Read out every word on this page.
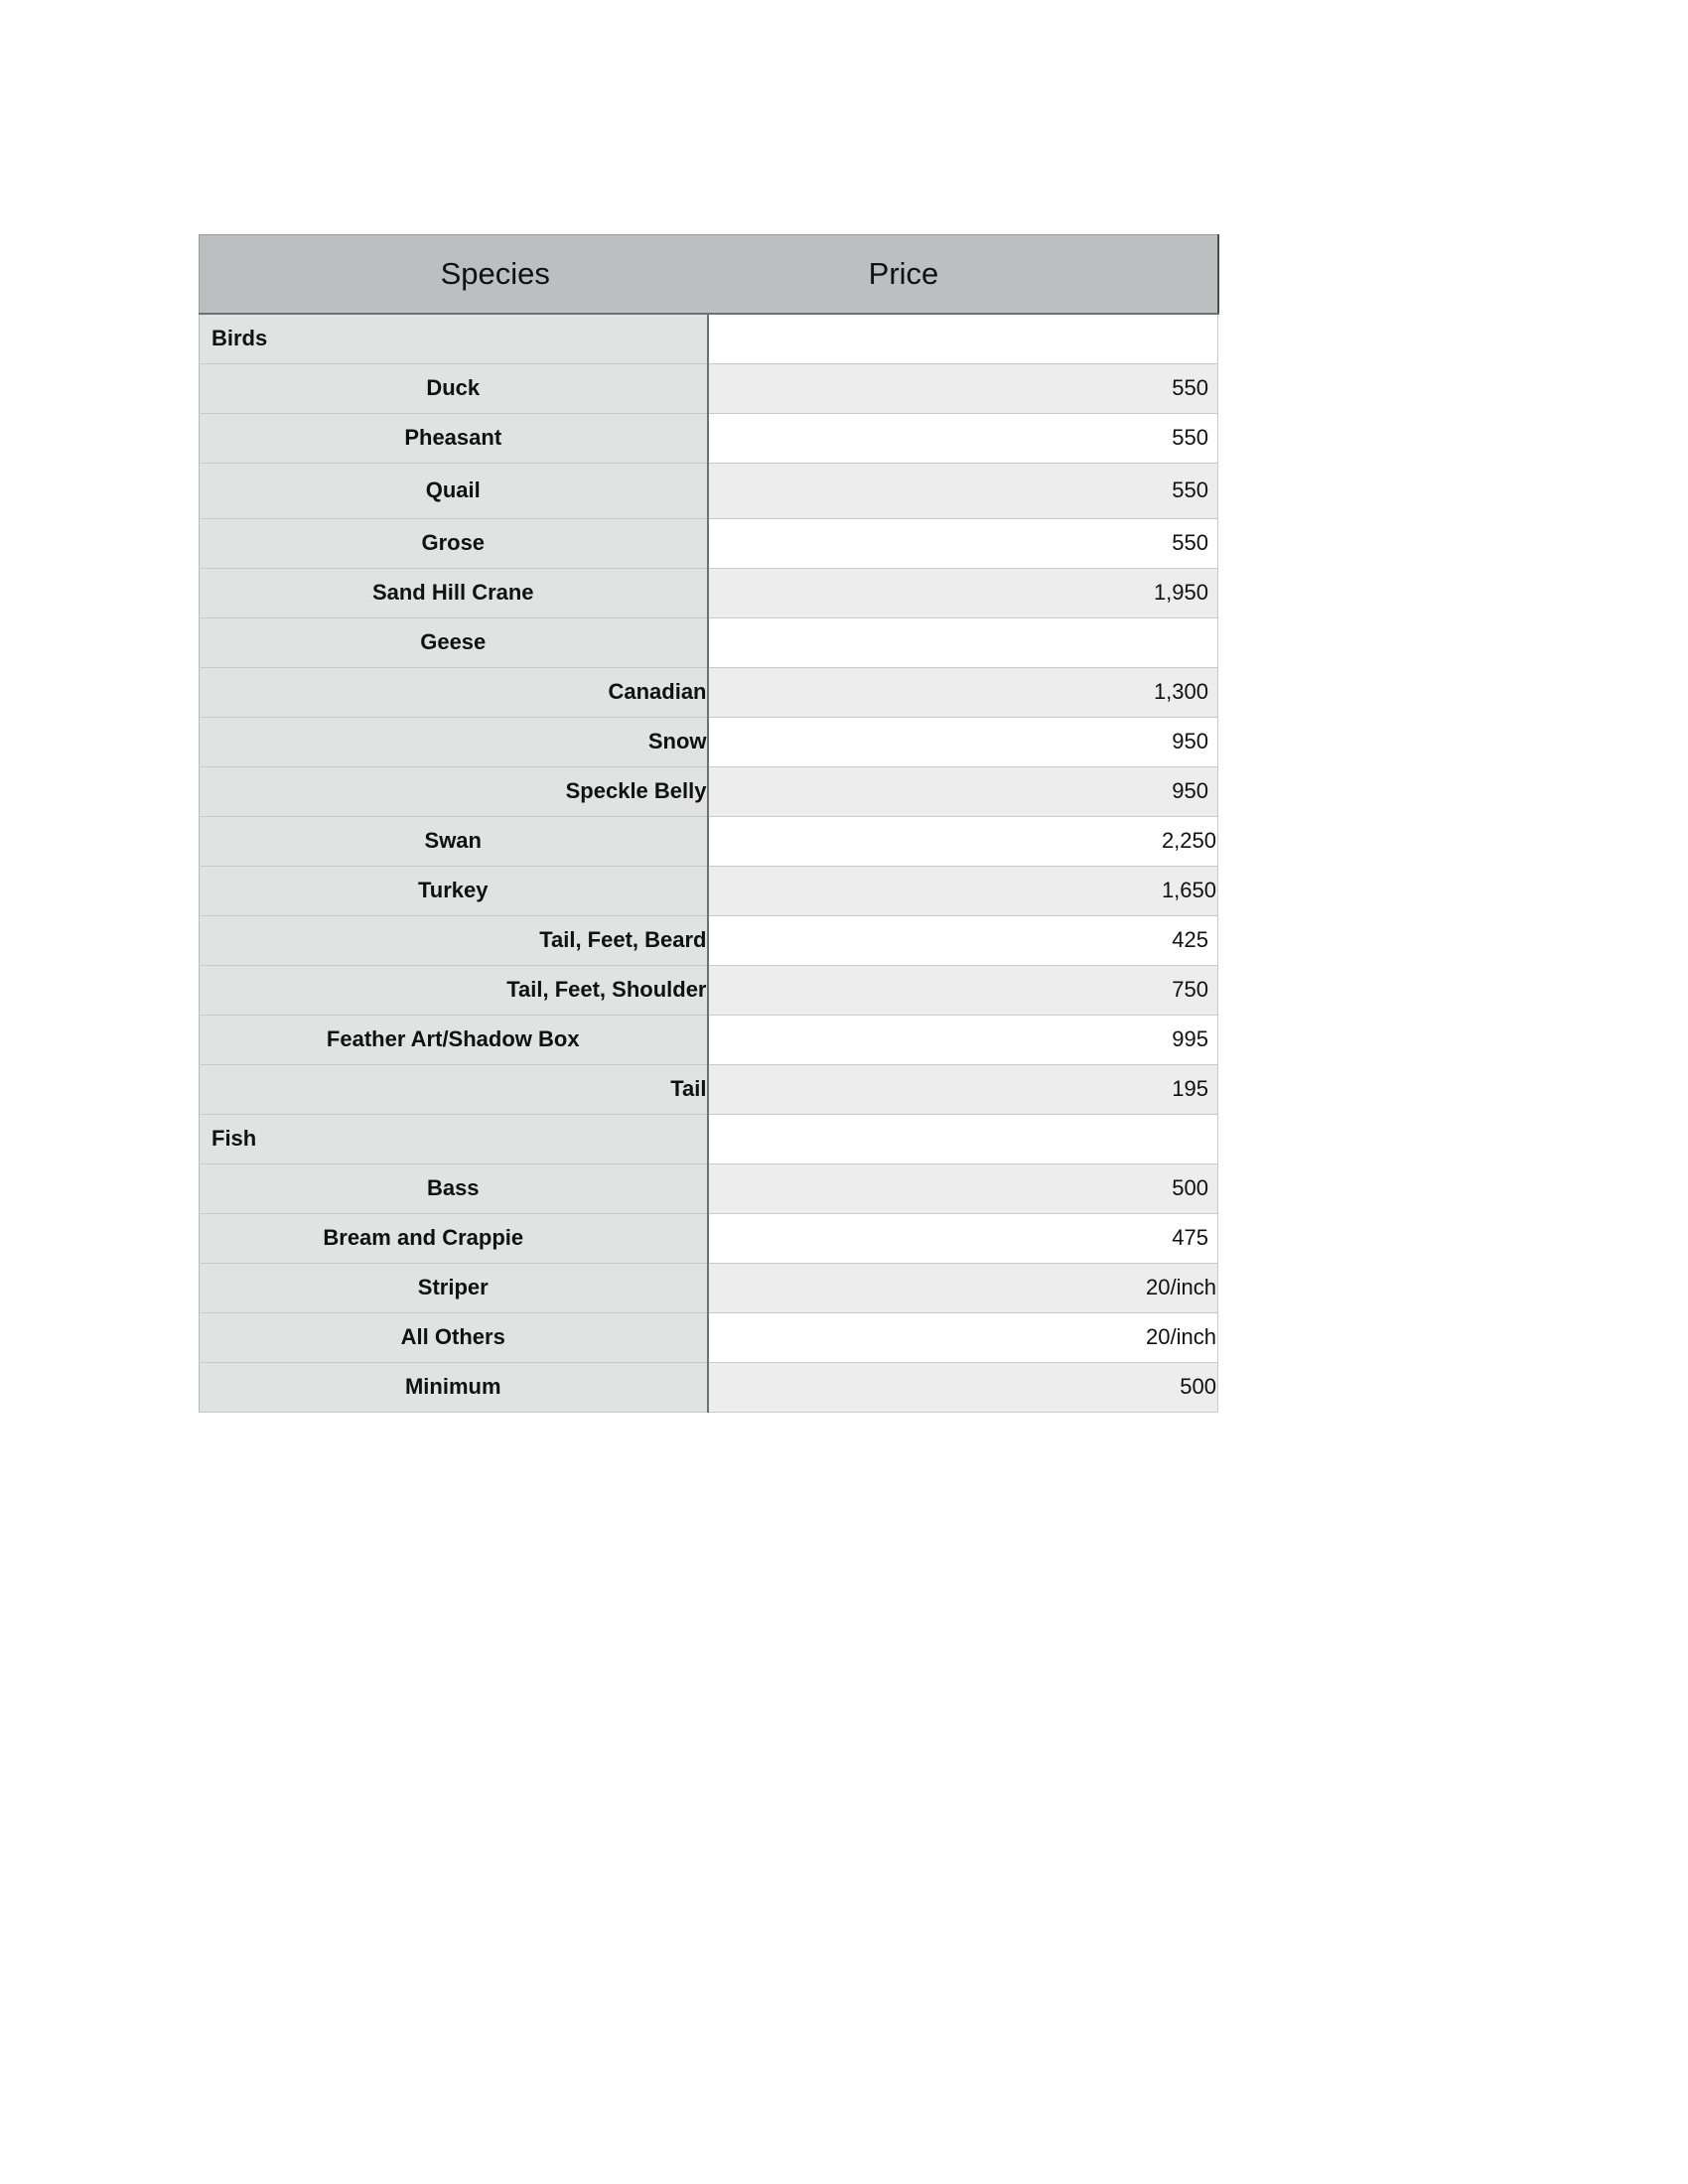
Species	Price
Birds	
Duck	550
Pheasant	550
Quail	550
Grose	550
Sand Hill Crane	1,950
Geese	
Canadian	1,300
Snow	950
Speckle Belly	950
Swan	2,250
Turkey	1,650
Tail, Feet, Beard	425
Tail, Feet, Shoulder	750
Feather Art/Shadow Box	995
Tail	195
Fish	
Bass	500
Bream and Crappie	475
Striper	20/inch
All Others	20/inch
Minimum	500
